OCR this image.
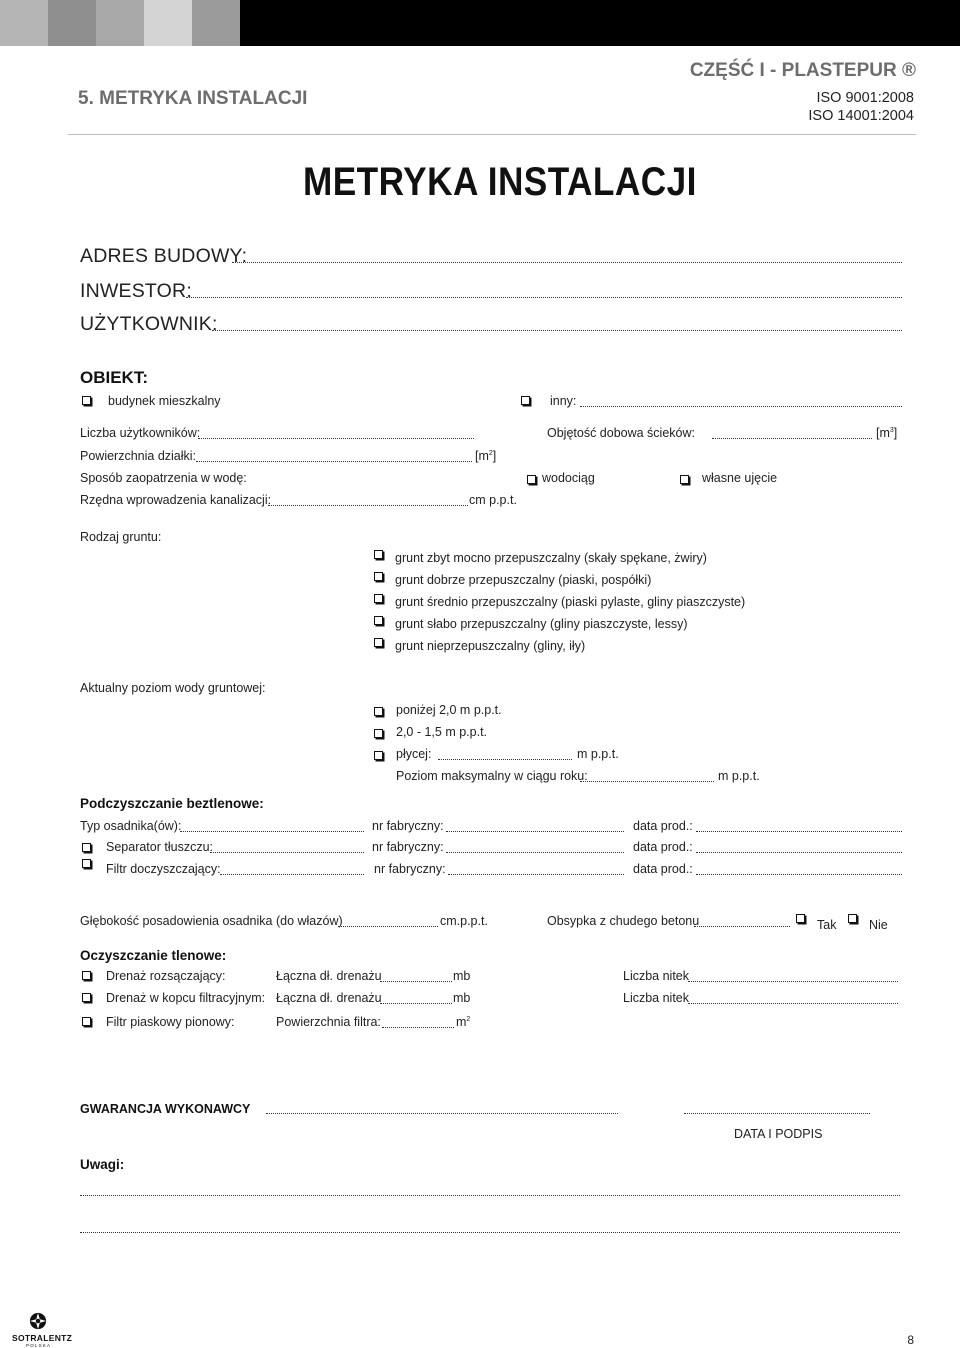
5. METRYKA INSTALACJI
CZĘŚĆ I - PLASTEPUR ®
ISO 9001:2008
ISO 14001:2004
METRYKA INSTALACJI
ADRES BUDOWY:
INWESTOR:
UŻYTKOWNIK:
OBIEKT:
budynek mieszkalny	inny:
Liczba użytkowników:	Objętość dobowa ścieków:	$[m^3]$
Powierzchnia działki:	$[m^2]$
Sposób zaopatrzenia w wodę:	wodociąg	własne ujęcie
Rzędna wprowadzenia kanalizacji:	cm p.p.t.
Rodzaj gruntu:
grunt zbyt mocno przepuszczalny (skały spękane, żwiry)
grunt dobrze przepuszczalny (piaski, pospółki)
grunt średnio przepuszczalny (piaski pylaste, gliny piaszczyste)
grunt słabo przepuszczalny (gliny piaszczyste, lessy)
grunt nieprzepuszczalny (gliny, iły)
Aktualny poziom wody gruntowej:
poniżej 2,0 m p.p.t.
2,0 - 1,5 m p.p.t.
płycej:	m p.p.t.
Poziom maksymalny w ciągu roku:	m p.p.t.
Podczyszczanie beztlenowe:
Typ osadnika(ów):	nr fabryczny:	data prod.:
Separator tłuszczu:	nr fabryczny:	data prod.:
Filtr doczyszczający:	nr fabryczny:	data prod.:
Głębokość posadowienia osadnika (do włazów)	cm.p.p.t.	Obsypka z chudego betonu	Tak	Nie
Oczyszczanie tlenowe:
Drenaż rozsączający:	Łączna dł. drenażu	mb	Liczba nitek
Drenaż w kopcu filtracyjnym: Łączna dł. drenażu	mb	Liczba nitek
Filtr piaskowy pionowy:	Powierzchnia filtra:	$m^2$
GWARANCJA WYKONAWCY
DATA I PODPIS
Uwagi:
SOTRALENTZ
POLSKA	8
